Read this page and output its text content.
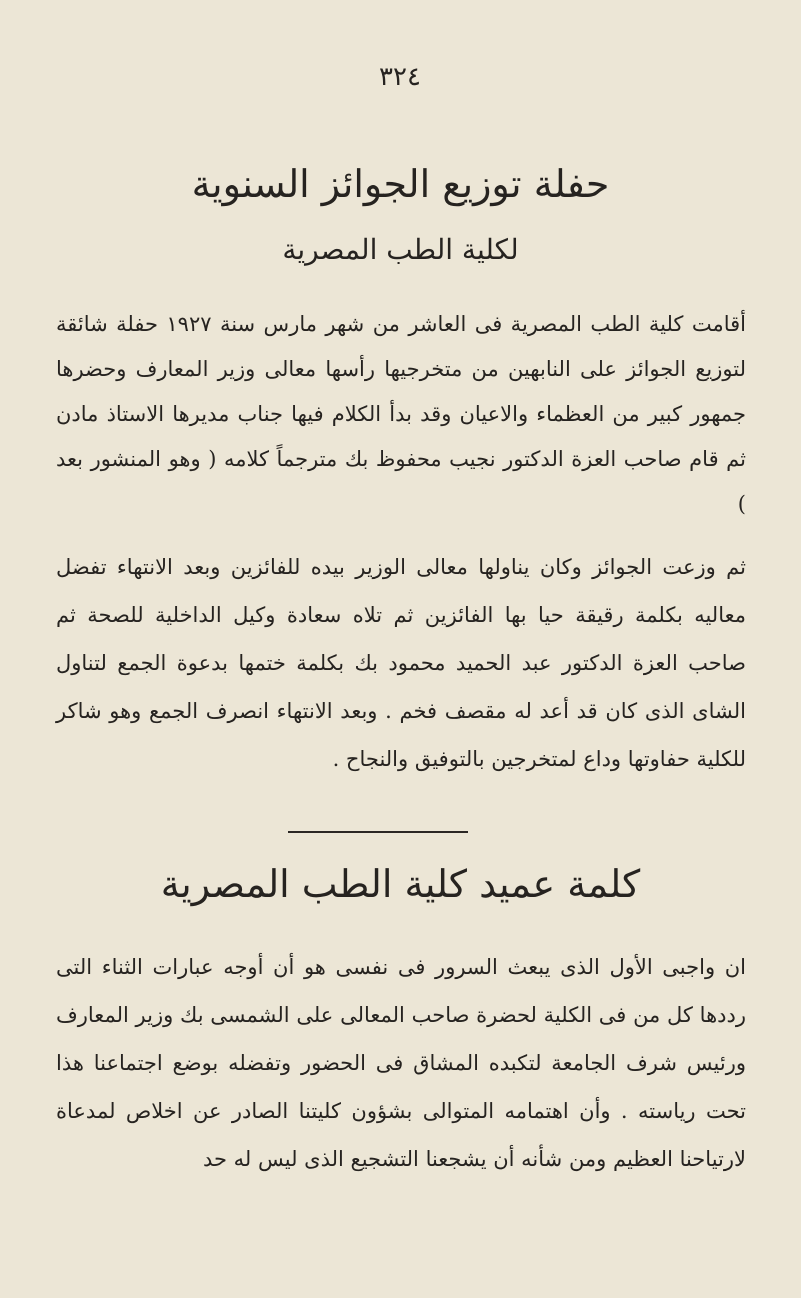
٣٢٤
حفلة توزيع الجوائز السنوية
لكلية الطب المصرية

أقامت كلية الطب المصرية فى العاشر من شهر مارس سنة ١٩٢٧ حفلة شائقة لتوزيع الجوائز على النابهين من متخرجيها رأسها معالى وزير المعارف وحضرها جمهور كبير من العظماء والاعيان وقد بدأ الكلام فيها جناب مديرها الاستاذ مادن ثم قام صاحب العزة الدكتور نجيب محفوظ بك مترجماً كلامه ( وهو المنشور بعد )

ثم وزعت الجوائز وكان يناولها معالى الوزير بيده للفائزين وبعد الانتهاء تفضل معاليه بكلمة رقيقة حيا بها الفائزين ثم تلاه سعادة وكيل الداخلية للصحة ثم صاحب العزة الدكتور عبد الحميد محمود بك بكلمة ختمها بدعوة الجمع لتناول الشاى الذى كان قد أعد له مقصف فخم . وبعد الانتهاء انصرف الجمع وهو شاكر للكلية حفاوتها وداع لمتخرجين بالتوفيق والنجاح .

كلمة عميد كلية الطب المصرية

ان واجبى الأول الذى يبعث السرور فى نفسى هو أن أوجه عبارات الثناء التى رددها كل من فى الكلية لحضرة صاحب المعالى على الشمسى بك وزير المعارف ورئيس شرف الجامعة لتكبده المشاق فى الحضور وتفضله بوضع اجتماعنا هذا تحت رياسته . وأن اهتمامه المتوالى بشؤون كليتنا الصادر عن اخلاص لمدعاة لارتياحنا العظيم ومن شأنه أن يشجعنا التشجيع الذى ليس له حد
